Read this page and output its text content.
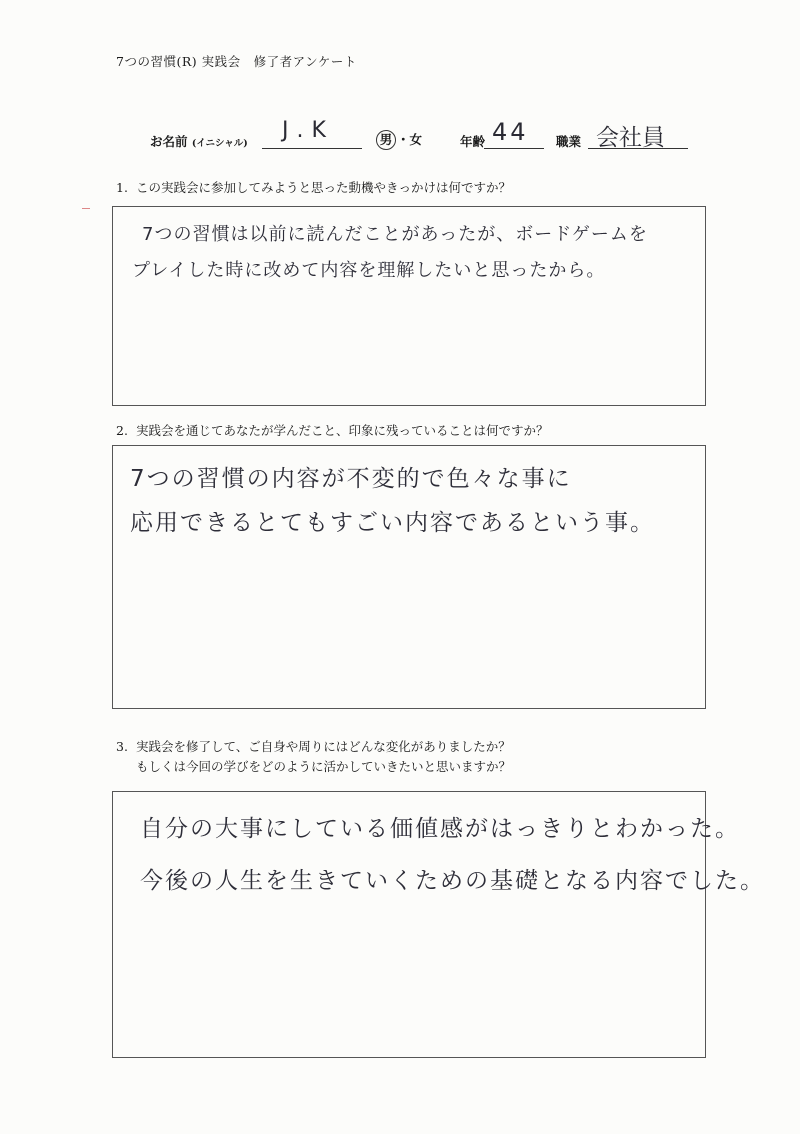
7つの習慣(R) 実践会　修了者アンケート
お名前 (イニシャル)
J.K	男 ・女	年齢 44 職業 会社員
1. この実践会に参加してみようと思った動機やきっかけは何ですか？
7つの習慣は以前に読んだことがあったが、ボードゲームを
プレイした時に改めて内容を理解したいと思ったから。
2. 実践会を通じてあなたが学んだこと、印象に残っていることは何ですか？
7つの習慣の内容が不変的で色々な事に
応用できるとてもすごい内容であるという事。
3. 実践会を修了して、ご自身や周りにはどんな変化がありましたか？
もしくは今回の学びをどのように活かしていきたいと思いますか？
自分の大事にしている価値感がはっきりとわかった。
今後の人生を生きていくための基礎となる内容でした。
